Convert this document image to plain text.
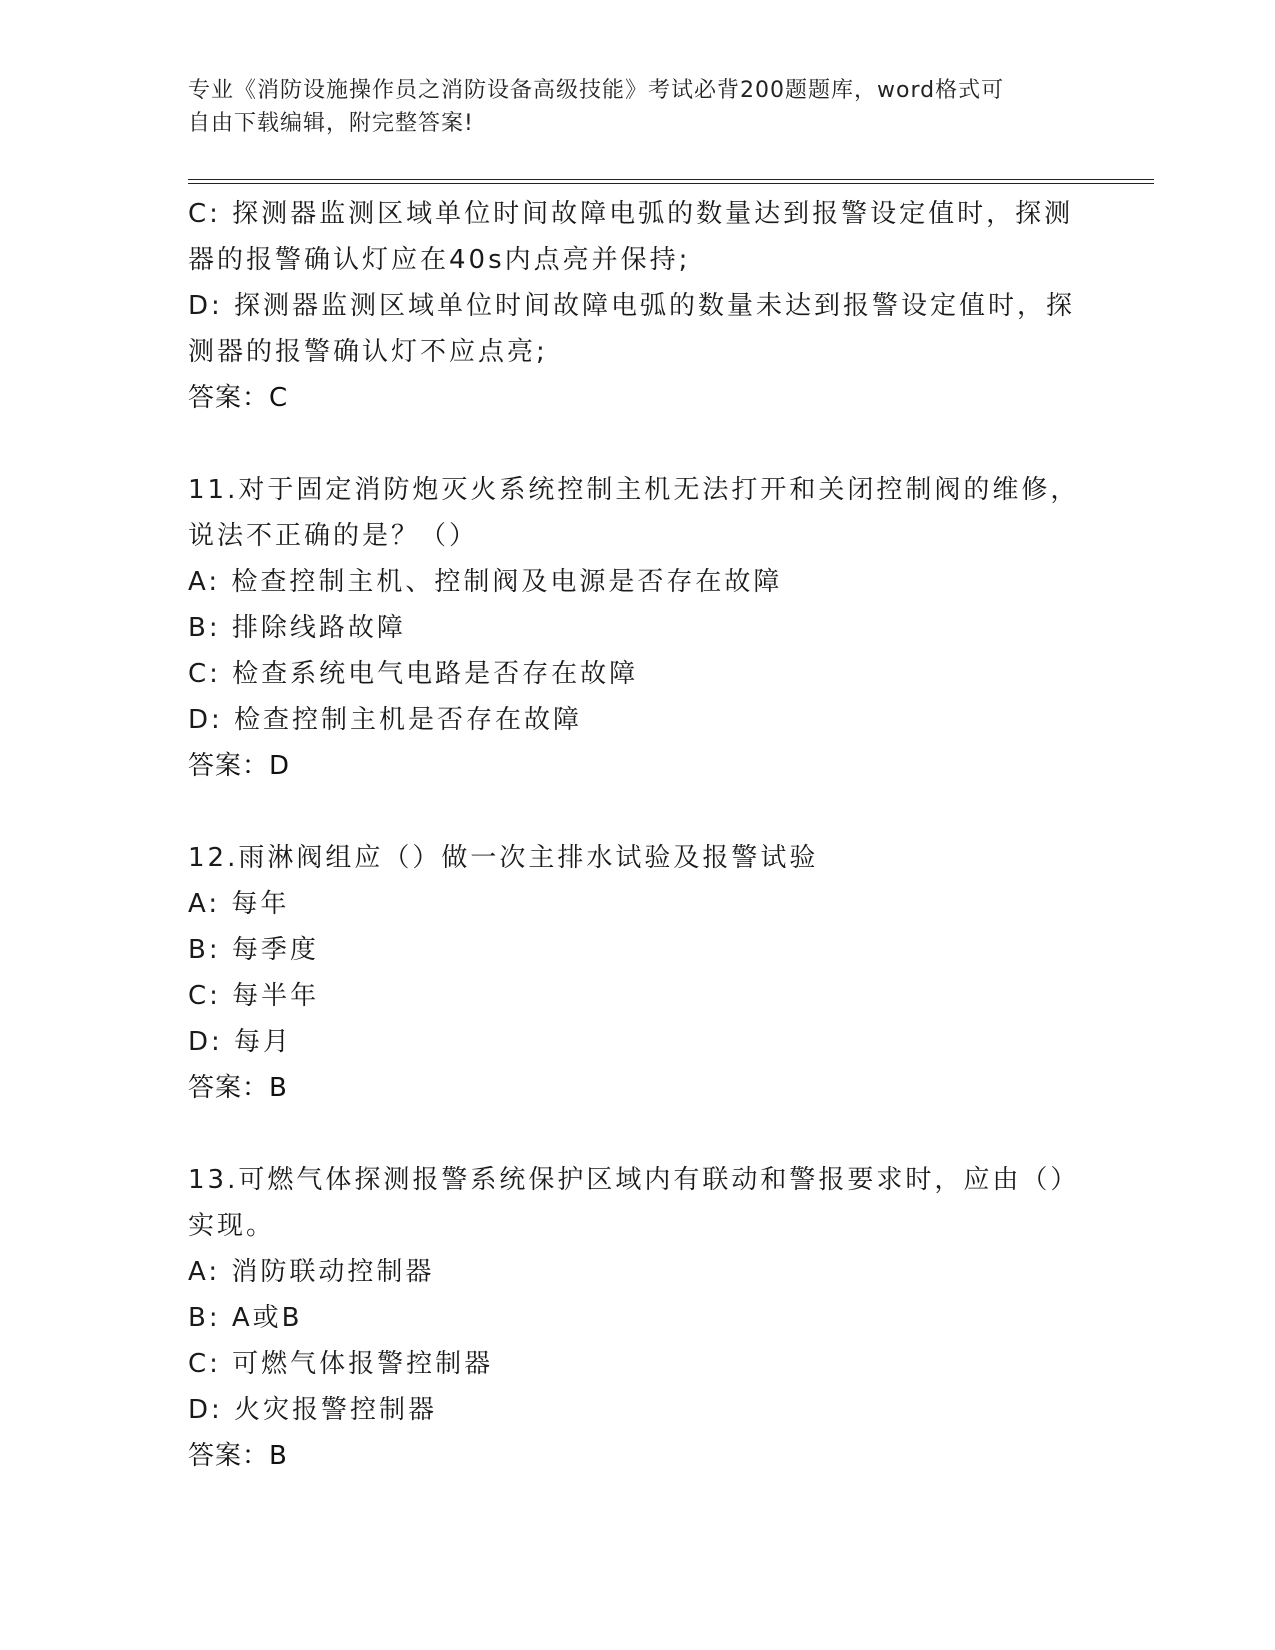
专业《消防设施操作员之消防设备高级技能》考试必背200题题库，word格式可
自由下载编辑，附完整答案!
C: 探测器监测区域单位时间故障电弧的数量达到报警设定值时，探测
器的报警确认灯应在40s内点亮并保持;
D: 探测器监测区域单位时间故障电弧的数量未达到报警设定值时，探
测器的报警确认灯不应点亮;
答案：C
11.对于固定消防炮灭火系统控制主机无法打开和关闭控制阀的维修，
说法不正确的是？（）
A: 检查控制主机、控制阀及电源是否存在故障
B: 排除线路故障
C: 检查系统电气电路是否存在故障
D: 检查控制主机是否存在故障
答案：D
12.雨淋阀组应（）做一次主排水试验及报警试验
A: 每年
B: 每季度
C: 每半年
D: 每月
答案：B
13.可燃气体探测报警系统保护区域内有联动和警报要求时，应由（）
实现。
A: 消防联动控制器
B: A或B
C: 可燃气体报警控制器
D: 火灾报警控制器
答案：B
